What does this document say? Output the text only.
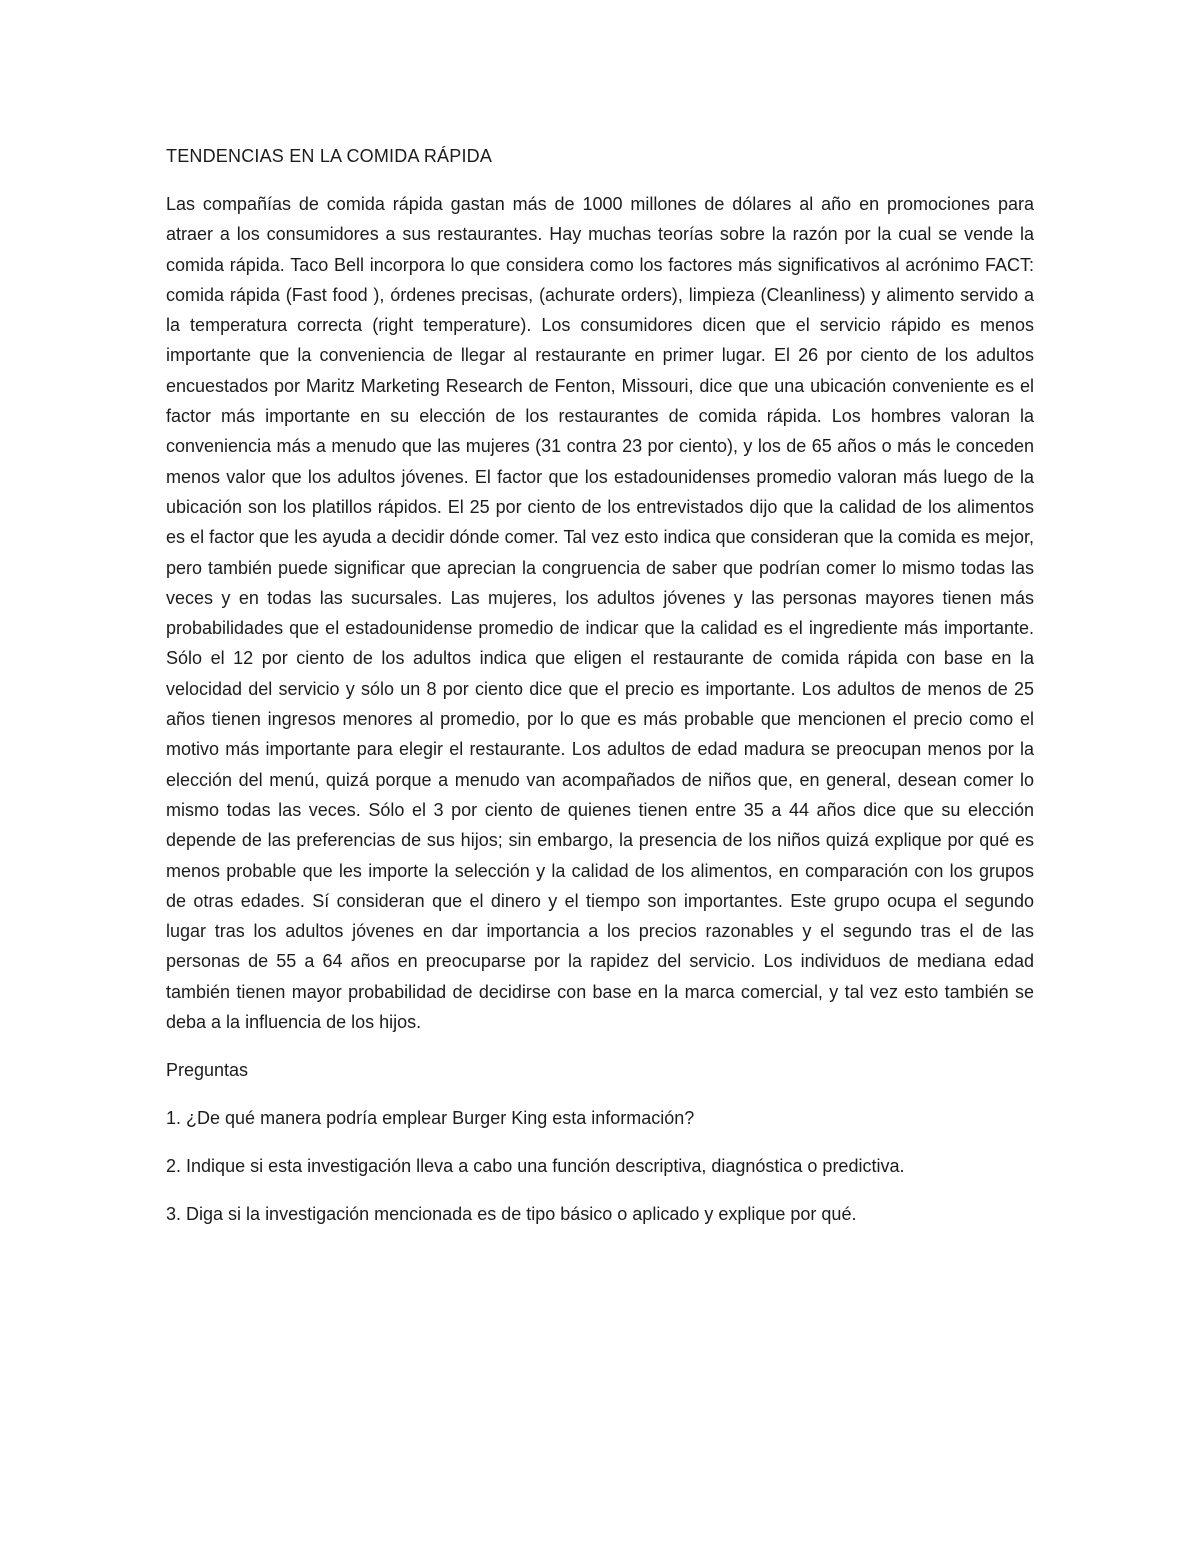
TENDENCIAS EN LA COMIDA RÁPIDA

Las compañías de comida rápida gastan más de 1000 millones de dólares al año en promociones para atraer a los consumidores a sus restaurantes. Hay muchas teorías sobre la razón por la cual se vende la comida rápida. Taco Bell incorpora lo que considera como los factores más significativos al acrónimo FACT: comida rápida (Fast food ), órdenes precisas, (achurate orders), limpieza (Cleanliness) y alimento servido a la temperatura correcta (right temperature). Los consumidores dicen que el servicio rápido es menos importante que la conveniencia de llegar al restaurante en primer lugar. El 26 por ciento de los adultos encuestados por Maritz Marketing Research de Fenton, Missouri, dice que una ubicación conveniente es el factor más importante en su elección de los restaurantes de comida rápida. Los hombres valoran la conveniencia más a menudo que las mujeres (31 contra 23 por ciento), y los de 65 años o más le conceden menos valor que los adultos jóvenes. El factor que los estadounidenses promedio valoran más luego de la ubicación son los platillos rápidos. El 25 por ciento de los entrevistados dijo que la calidad de los alimentos es el factor que les ayuda a decidir dónde comer. Tal vez esto indica que consideran que la comida es mejor, pero también puede significar que aprecian la congruencia de saber que podrían comer lo mismo todas las veces y en todas las sucursales. Las mujeres, los adultos jóvenes y las personas mayores tienen más probabilidades que el estadounidense promedio de indicar que la calidad es el ingrediente más importante. Sólo el 12 por ciento de los adultos indica que eligen el restaurante de comida rápida con base en la velocidad del servicio y sólo un 8 por ciento dice que el precio es importante. Los adultos de menos de 25 años tienen ingresos menores al promedio, por lo que es más probable que mencionen el precio como el motivo más importante para elegir el restaurante. Los adultos de edad madura se preocupan menos por la elección del menú, quizá porque a menudo van acompañados de niños que, en general, desean comer lo mismo todas las veces. Sólo el 3 por ciento de quienes tienen entre 35 a 44 años dice que su elección depende de las preferencias de sus hijos; sin embargo, la presencia de los niños quizá explique por qué es menos probable que les importe la selección y la calidad de los alimentos, en comparación con los grupos de otras edades. Sí consideran que el dinero y el tiempo son importantes. Este grupo ocupa el segundo lugar tras los adultos jóvenes en dar importancia a los precios razonables y el segundo tras el de las personas de 55 a 64 años en preocuparse por la rapidez del servicio. Los individuos de mediana edad también tienen mayor probabilidad de decidirse con base en la marca comercial, y tal vez esto también se deba a la influencia de los hijos.

Preguntas

1. ¿De qué manera podría emplear Burger King esta información?

2. Indique si esta investigación lleva a cabo una función descriptiva, diagnóstica o predictiva.

3. Diga si la investigación mencionada es de tipo básico o aplicado y explique por qué.
